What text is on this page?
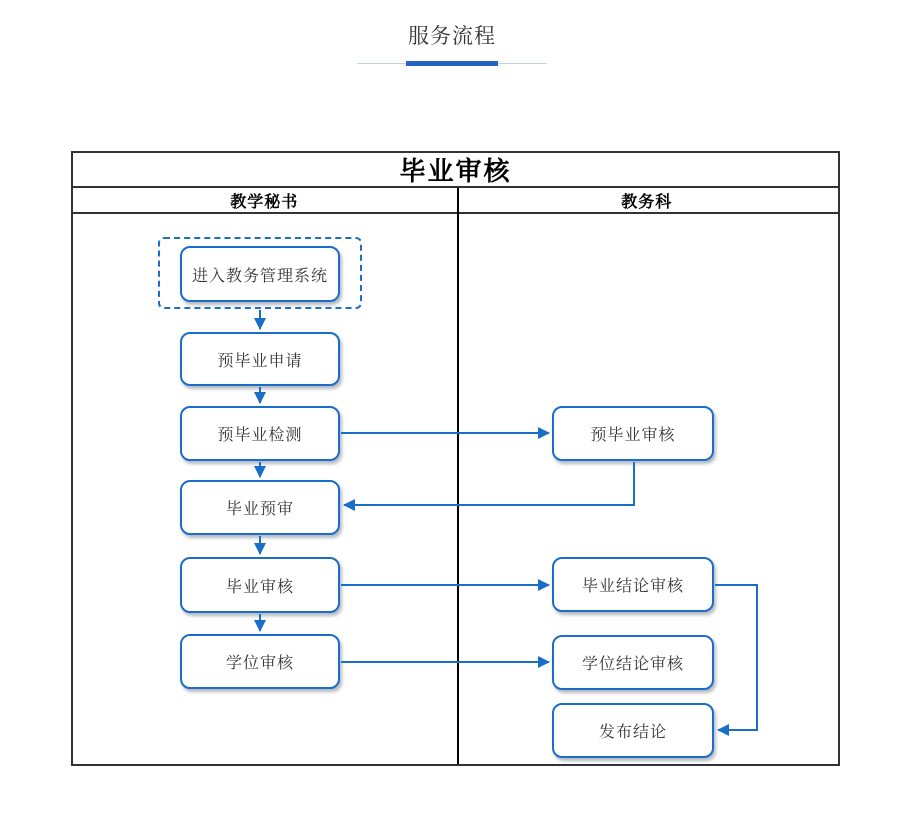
服务流程
毕业审核
教学秘书	教务科
进入教务管理系统
预毕业申请
预毕业检测
毕业预审
毕业审核
学位审核
预毕业审核
毕业结论审核
学位结论审核
发布结论
